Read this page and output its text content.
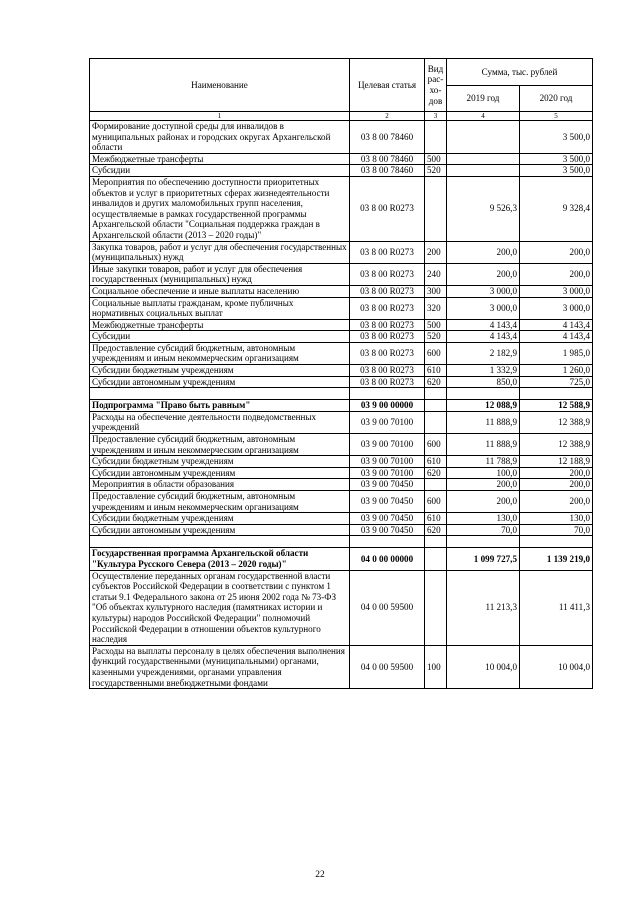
Наименование	Целевая статья	Вид
рас-
хо-
дов	Сумма, тыс. рублей	
			2019 год	2020 год
1	2	3	4	5
Формирование доступной среды для инвалидов в муниципальных районах и городских округах Архангельской области	03 8 00 78460			3 500,0
Межбюджетные трансферты	03 8 00 78460	500		3 500,0
Субсидии	03 8 00 78460	520		3 500,0
Мероприятия по обеспечению доступности приоритетных объектов и услуг в приоритетных сферах жизнедеятельности инвалидов и других маломобильных групп населения, осуществляемые в рамках государственной программы Архангельской области "Социальная поддержка граждан в Архангельской области (2013 – 2020 годы)"	03 8 00 R0273		9 526,3	9 328,4
Закупка товаров, работ и услуг для обеспечения государственных (муниципальных) нужд	03 8 00 R0273	200	200,0	200,0
Иные закупки товаров, работ и услуг для обеспечения государственных (муниципальных) нужд	03 8 00 R0273	240	200,0	200,0
Социальное обеспечение и иные выплаты населению	03 8 00 R0273	300	3 000,0	3 000,0
Социальные выплаты гражданам, кроме публичных нормативных социальных выплат	03 8 00 R0273	320	3 000,0	3 000,0
Межбюджетные трансферты	03 8 00 R0273	500	4 143,4	4 143,4
Субсидии	03 8 00 R0273	520	4 143,4	4 143,4
Предоставление субсидий бюджетным, автономным учреждениям и иным некоммерческим организациям	03 8 00 R0273	600	2 182,9	1 985,0
Субсидии бюджетным учреждениям	03 8 00 R0273	610	1 332,9	1 260,0
Субсидии автономным учреждениям	03 8 00 R0273	620	850,0	725,0

Подпрограмма "Право быть равным"	03 9 00 00000		12 088,9	12 588,9
Расходы на обеспечение деятельности подведомственных учреждений	03 9 00 70100		11 888,9	12 388,9
Предоставление субсидий бюджетным, автономным учреждениям и иным некоммерческим организациям	03 9 00 70100	600	11 888,9	12 388,9
Субсидии бюджетным учреждениям	03 9 00 70100	610	11 788,9	12 188,9
Субсидии автономным учреждениям	03 9 00 70100	620	100,0	200,0
Мероприятия в области образования	03 9 00 70450		200,0	200,0
Предоставление субсидий бюджетным, автономным учреждениям и иным некоммерческим организациям	03 9 00 70450	600	200,0	200,0
Субсидии бюджетным учреждениям	03 9 00 70450	610	130,0	130,0
Субсидии автономным учреждениям	03 9 00 70450	620	70,0	70,0

Государственная программа Архангельской области "Культура Русского Севера (2013 – 2020 годы)"	04 0 00 00000		1 099 727,5	1 139 219,0
Осуществление переданных органам государственной власти субъектов Российской Федерации в соответствии с пунктом 1 статьи 9.1 Федерального закона от 25 июня 2002 года № 73-ФЗ "Об объектах культурного наследия (памятниках истории и культуры) народов Российской Федерации" полномочий Российской Федерации в отношении объектов культурного наследия	04 0 00 59500		11 213,3	11 411,3
Расходы на выплаты персоналу в целях обеспечения выполнения функций государственными (муниципальными) органами, казенными учреждениями, органами управления государственными внебюджетными фондами	04 0 00 59500	100	10 004,0	10 004,0
22
